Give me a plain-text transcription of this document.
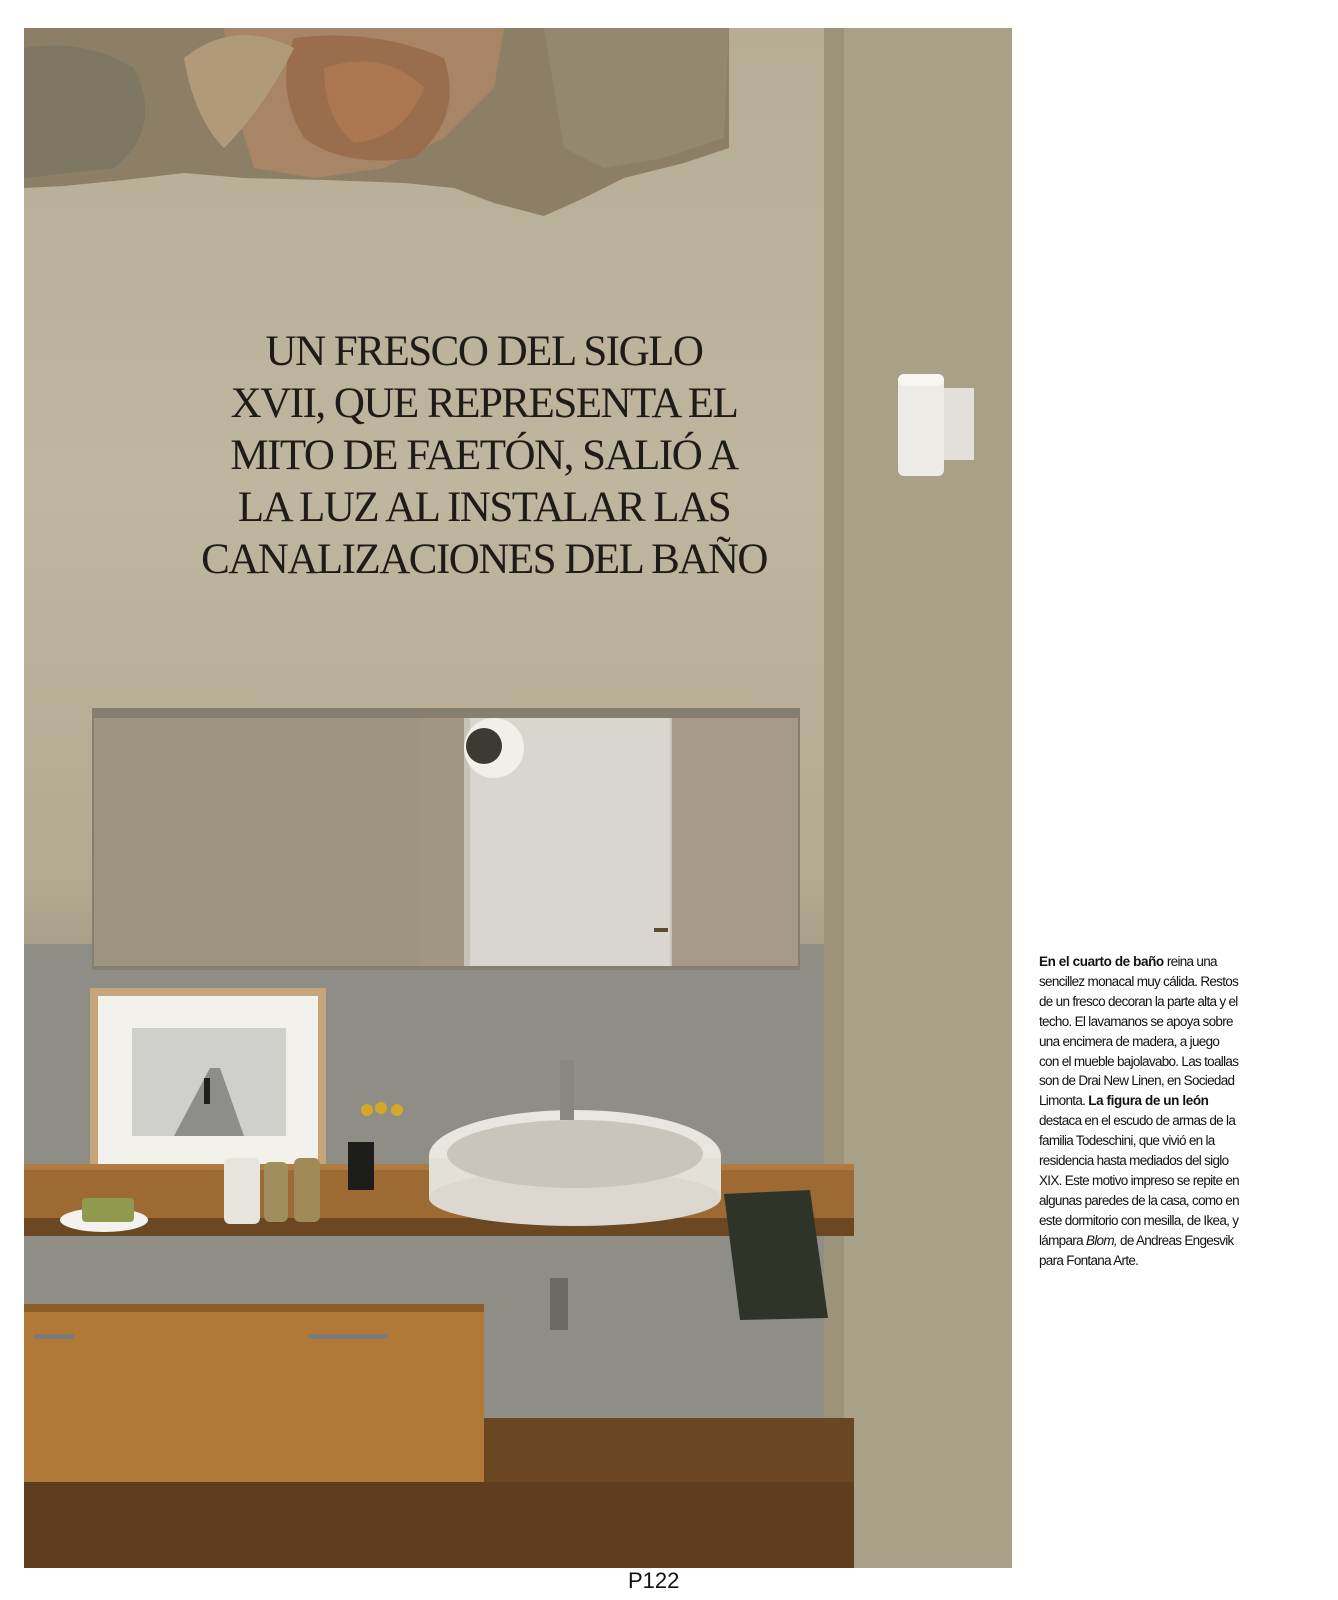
UN FRESCO DEL SIGLO
XVII, QUE REPRESENTA EL
MITO DE FAETÓN, SALIÓ A
LA LUZ AL INSTALAR LAS
CANALIZACIONES DEL BAÑO

En el cuarto de baño reina una sencillez monacal muy cálida. Restos de un fresco decoran la parte alta y el techo. El lavamanos se apoya sobre una encimera de madera, a juego con el mueble bajolavabo. Las toallas son de Drai New Linen, en Sociedad Limonta. La figura de un león destaca en el escudo de armas de la familia Todeschini, que vivió en la residencia hasta mediados del siglo XIX. Este motivo impreso se repite en algunas paredes de la casa, como en este dormitorio con mesilla, de Ikea, y lámpara Blom, de Andreas Engesvik para Fontana Arte.

P122
